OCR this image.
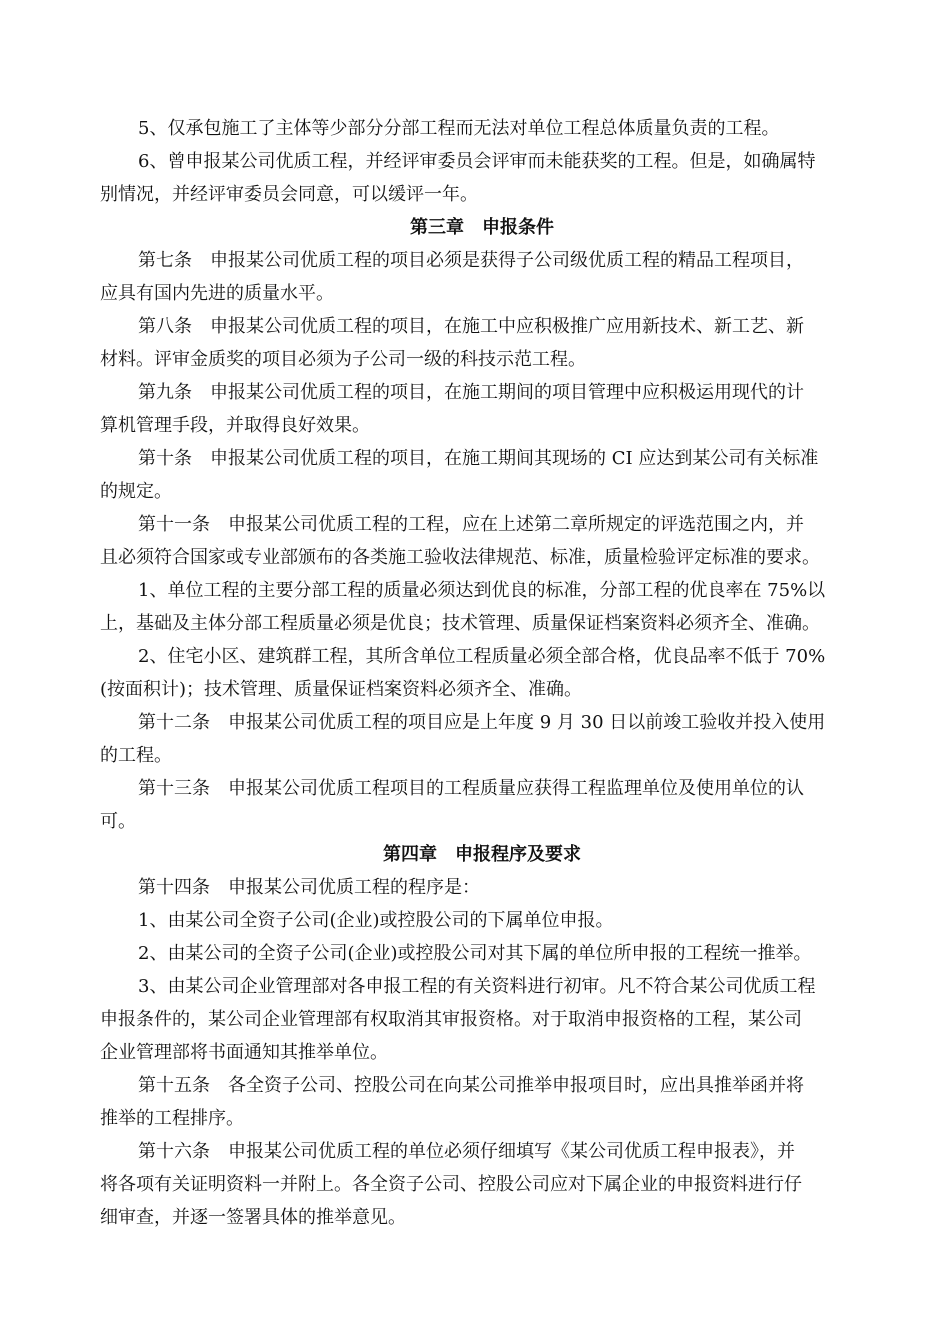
5、仅承包施工了主体等少部分分部工程而无法对单位工程总体质量负责的工程。
6、曾申报某公司优质工程，并经评审委员会评审而未能获奖的工程。但是，如确属特
别情况，并经评审委员会同意，可以缓评一年。
第三章　申报条件
第七条　申报某公司优质工程的项目必须是获得子公司级优质工程的精品工程项目，
应具有国内先进的质量水平。
第八条　申报某公司优质工程的项目，在施工中应积极推广应用新技术、新工艺、新
材料。评审金质奖的项目必须为子公司一级的科技示范工程。
第九条　申报某公司优质工程的项目，在施工期间的项目管理中应积极运用现代的计
算机管理手段，并取得良好效果。
第十条　申报某公司优质工程的项目，在施工期间其现场的 CI 应达到某公司有关标准
的规定。
第十一条　申报某公司优质工程的工程，应在上述第二章所规定的评选范围之内，并
且必须符合国家或专业部颁布的各类施工验收法律规范、标准，质量检验评定标准的要求。
1、单位工程的主要分部工程的质量必须达到优良的标准，分部工程的优良率在 75%以
上，基础及主体分部工程质量必须是优良；技术管理、质量保证档案资料必须齐全、准确。
2、住宅小区、建筑群工程，其所含单位工程质量必须全部合格，优良品率不低于 70%
(按面积计)；技术管理、质量保证档案资料必须齐全、准确。
第十二条　申报某公司优质工程的项目应是上年度 9 月 30 日以前竣工验收并投入使用
的工程。
第十三条　申报某公司优质工程项目的工程质量应获得工程监理单位及使用单位的认
可。
第四章　申报程序及要求
第十四条　申报某公司优质工程的程序是：
1、由某公司全资子公司(企业)或控股公司的下属单位申报。
2、由某公司的全资子公司(企业)或控股公司对其下属的单位所申报的工程统一推举。
3、由某公司企业管理部对各申报工程的有关资料进行初审。凡不符合某公司优质工程
申报条件的，某公司企业管理部有权取消其审报资格。对于取消申报资格的工程，某公司
企业管理部将书面通知其推举单位。
第十五条　各全资子公司、控股公司在向某公司推举申报项目时，应出具推举函并将
推举的工程排序。
第十六条　申报某公司优质工程的单位必须仔细填写《某公司优质工程申报表》，并
将各项有关证明资料一并附上。各全资子公司、控股公司应对下属企业的申报资料进行仔
细审查，并逐一签署具体的推举意见。
